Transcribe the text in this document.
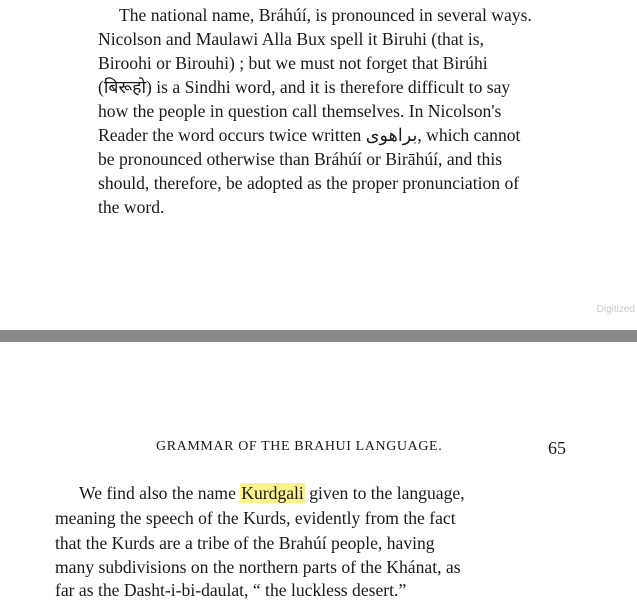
The national name, Bráhúí, is pronounced in several ways.
Nicolson and Maulawi Alla Bux spell it Biruhi (that is,
Biroohi or Birouhi) ; but we must not forget that Birúhi
(बिरूहो) is a Sindhi word, and it is therefore difficult to say
how the people in question call themselves. In Nicolson's
Reader the word occurs twice written براهوى, which cannot
be pronounced otherwise than Bráhúí or Birāhúí, and this
should, therefore, be adopted as the proper pronunciation of
the word.
Digitized
GRAMMAR OF THE BRAHUI LANGUAGE.	65
We find also the name Kurdgali given to the language,
meaning the speech of the Kurds, evidently from the fact
that the Kurds are a tribe of the Brahúí people, having
many subdivisions on the northern parts of the Khánat, as
far as the Dasht-i-bi-daulat, “ the luckless desert.”
